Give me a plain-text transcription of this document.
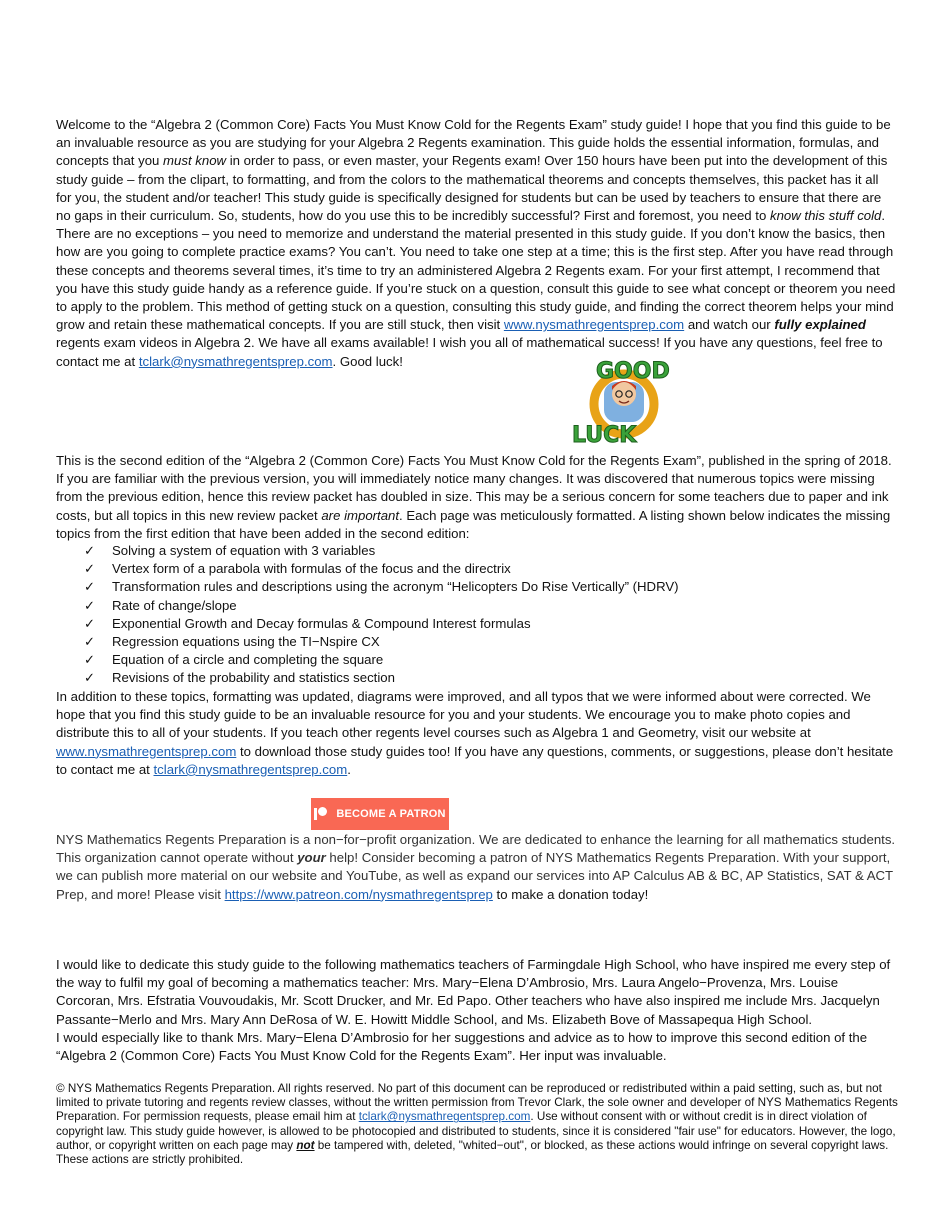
Welcome to the “Algebra 2 (Common Core) Facts You Must Know Cold for the Regents Exam” study guide! I hope that you find this guide to be an invaluable resource as you are studying for your Algebra 2 Regents examination. This guide holds the essential information, formulas, and concepts that you must know in order to pass, or even master, your Regents exam! Over 150 hours have been put into the development of this study guide – from the clipart, to formatting, and from the colors to the mathematical theorems and concepts themselves, this packet has it all for you, the student and/or teacher! This study guide is specifically designed for students but can be used by teachers to ensure that there are no gaps in their curriculum. So, students, how do you use this to be incredibly successful? First and foremost, you need to know this stuff cold. There are no exceptions – you need to memorize and understand the material presented in this study guide. If you don’t know the basics, then how are you going to complete practice exams? You can’t. You need to take one step at a time; this is the first step. After you have read through these concepts and theorems several times, it’s time to try an administered Algebra 2 Regents exam. For your first attempt, I recommend that you have this study guide handy as a reference guide. If you’re stuck on a question, consult this guide to see what concept or theorem you need to apply to the problem. This method of getting stuck on a question, consulting this study guide, and finding the correct theorem helps your mind grow and retain these mathematical concepts. If you are still stuck, then visit www.nysmathregentsprep.com and watch our fully explained regents exam videos in Algebra 2. We have all exams available! I wish you all of mathematical success! If you have any questions, feel free to contact me at tclark@nysmathregentsprep.com. Good luck!	GOOD
LUCK

This is the second edition of the “Algebra 2 (Common Core) Facts You Must Know Cold for the Regents Exam”, published in the spring of 2018. If you are familiar with the previous version, you will immediately notice many changes. It was discovered that numerous topics were missing from the previous edition, hence this review packet has doubled in size. This may be a serious concern for some teachers due to paper and ink costs, but all topics in this new review packet are important. Each page was meticulously formatted. A listing shown below indicates the missing topics from the first edition that have been added in the second edition:

✓ Solving a system of equation with 3 variables
✓ Vertex form of a parabola with formulas of the focus and the directrix
✓ Transformation rules and descriptions using the acronym “Helicopters Do Rise Vertically” (HDRV)
✓ Rate of change/slope
✓ Exponential Growth and Decay formulas & Compound Interest formulas
✓ Regression equations using the TI−Nspire CX
✓ Equation of a circle and completing the square
✓ Revisions of the probability and statistics section

In addition to these topics, formatting was updated, diagrams were improved, and all typos that we were informed about were corrected. We hope that you find this study guide to be an invaluable resource for you and your students. We encourage you to make photo copies and distribute this to all of your students. If you teach other regents level courses such as Algebra 1 and Geometry, visit our website at www.nysmathregentsprep.com to download those study guides too! If you have any questions, comments, or suggestions, please don’t hesitate to contact me at tclark@nysmathregentsprep.com.

BECOME A PATRON

NYS Mathematics Regents Preparation is a non−for−profit organization. We are dedicated to enhance the learning for all mathematics students. This organization cannot operate without your help! Consider becoming a patron of NYS Mathematics Regents Preparation. With your support, we can publish more material on our website and YouTube, as well as expand our services into AP Calculus AB & BC, AP Statistics, SAT & ACT Prep, and more! Please visit https://www.patreon.com/nysmathregentsprep to make a donation today!

I would like to dedicate this study guide to the following mathematics teachers of Farmingdale High School, who have inspired me every step of the way to fulfil my goal of becoming a mathematics teacher: Mrs. Mary−Elena D’Ambrosio, Mrs. Laura Angelo−Provenza, Mrs. Louise Corcoran, Mrs. Efstratia Vouvoudakis, Mr. Scott Drucker, and Mr. Ed Papo. Other teachers who have also inspired me include Mrs. Jacquelyn Passante−Merlo and Mrs. Mary Ann DeRosa of W. E. Howitt Middle School, and Ms. Elizabeth Bove of Massapequa High School.

I would especially like to thank Mrs. Mary−Elena D’Ambrosio for her suggestions and advice as to how to improve this second edition of the “Algebra 2 (Common Core) Facts You Must Know Cold for the Regents Exam”. Her input was invaluable.

© NYS Mathematics Regents Preparation. All rights reserved. No part of this document can be reproduced or redistributed within a paid setting, such as, but not limited to private tutoring and regents review classes, without the written permission from Trevor Clark, the sole owner and developer of NYS Mathematics Regents Preparation. For permission requests, please email him at tclark@nysmathregentsprep.com. Use without consent with or without credit is in direct violation of copyright law. This study guide however, is allowed to be photocopied and distributed to students, since it is considered "fair use" for educators. However, the logo, author, or copyright written on each page may not be tampered with, deleted, "whited−out", or blocked, as these actions would infringe on several copyright laws. These actions are strictly prohibited.
